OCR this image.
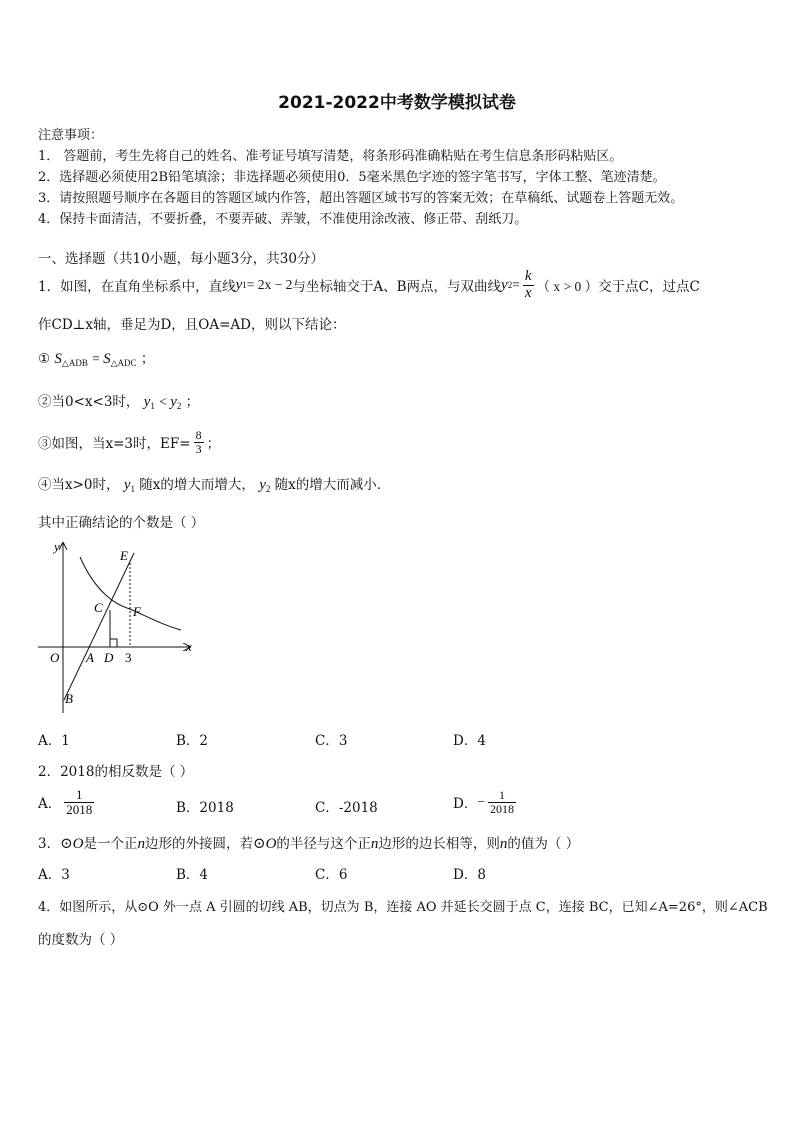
2021-2022中考数学模拟试卷
注意事项：
1． 答题前，考生先将自己的姓名、准考证号填写清楚，将条形码准确粘贴在考生信息条形码粘贴区。
2．选择题必须使用2B铅笔填涂；非选择题必须使用0．5毫米黑色字迹的签字笔书写，字体工整、笔迹清楚。
3．请按照题号顺序在各题目的答题区域内作答，超出答题区域书写的答案无效；在草稿纸、试题卷上答题无效。
4．保持卡面清洁，不要折叠，不要弄破、弄皱，不准使用涂改液、修正带、刮纸刀。
一、选择题（共10小题，每小题3分，共30分）
1．如图，在直角坐标系中，直线 y 1 = 2x − 2 与坐标轴交于A、B两点，与双曲线 y $2 = \frac{k}{x}$ （ x > 0 ） 交于点C，过点C
作CD⊥x轴，垂足为D，且OA=AD，则以下结论：
① $S_{\triangle ADB} = S_{\triangle ADC}$ ；
②当0<x<3时， $y_1 < y_2$ ；
③如图，当x=3时，$EF= \frac{8}{3}$ ；
④当x>0时， $y_1$ 随x的增大而增大， $y_2$ 随x的增大而减小．
其中正确结论的个数是（ ）
y
x
E
C F
O A D 3
B
A．1	B．2	C．3	D．4
2．2018的相反数是（ ）
A． $\frac{1}{2018}$	B．2018	C．-2018	D． − $\frac{1}{2018}$
3．⊙O是一个正n边形的外接圆，若⊙O的半径与这个正n边形的边长相等，则n的值为（ ）
A．3	B．4	C．6	D．8
4．如图所示，从⊙O 外一点 A 引圆的切线 AB，切点为 B，连接 AO 并延长交圆于点 C，连接 BC，已知∠A=26°，则∠ACB
的度数为（ ）
